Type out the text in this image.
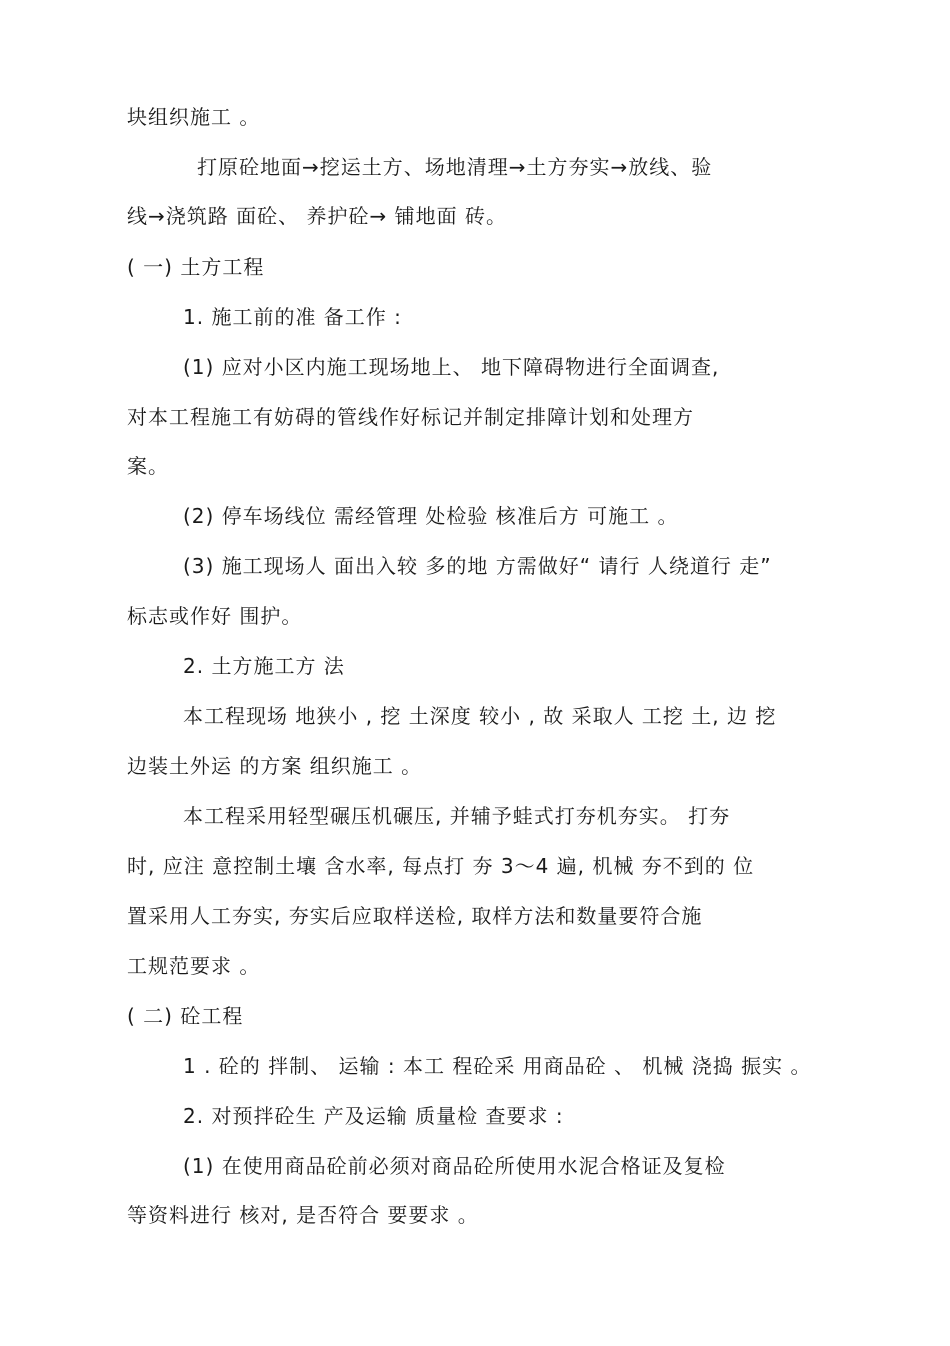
块组织施工 。
打原砼地面→挖运土方、场地清理→土方夯实→放线、验
线→浇筑路 面砼、 养护砼→ 铺地面 砖。
( 一) 土方工程
1. 施工前的准 备工作 :
(1) 应对小区内施工现场地上、 地下障碍物进行全面调查,
对本工程施工有妨碍的管线作好标记并制定排障计划和处理方
案。
(2) 停车场线位 需经管理 处检验 核准后方 可施工 。
(3) 施工现场人 面出入较 多的地 方需做好“ 请行 人绕道行 走”
标志或作好 围护。
2. 土方施工方 法
本工程现场 地狭小 , 挖 土深度 较小 , 故 采取人 工挖 土, 边 挖
边装土外运 的方案 组织施工 。
本工程采用轻型碾压机碾压, 并辅予蛙式打夯机夯实。 打夯
时, 应注 意控制土壤 含水率, 每点打 夯 3～4 遍, 机械 夯不到的 位
置采用人工夯实, 夯实后应取样送检, 取样方法和数量要符合施
工规范要求 。
( 二) 砼工程
1 . 砼的 拌制、 运输 : 本工 程砼采 用商品砼 、 机械 浇捣 振实 。
2. 对预拌砼生 产及运输 质量检 查要求 :
(1) 在使用商品砼前必须对商品砼所使用水泥合格证及复检
等资料进行 核对, 是否符合 要要求 。
